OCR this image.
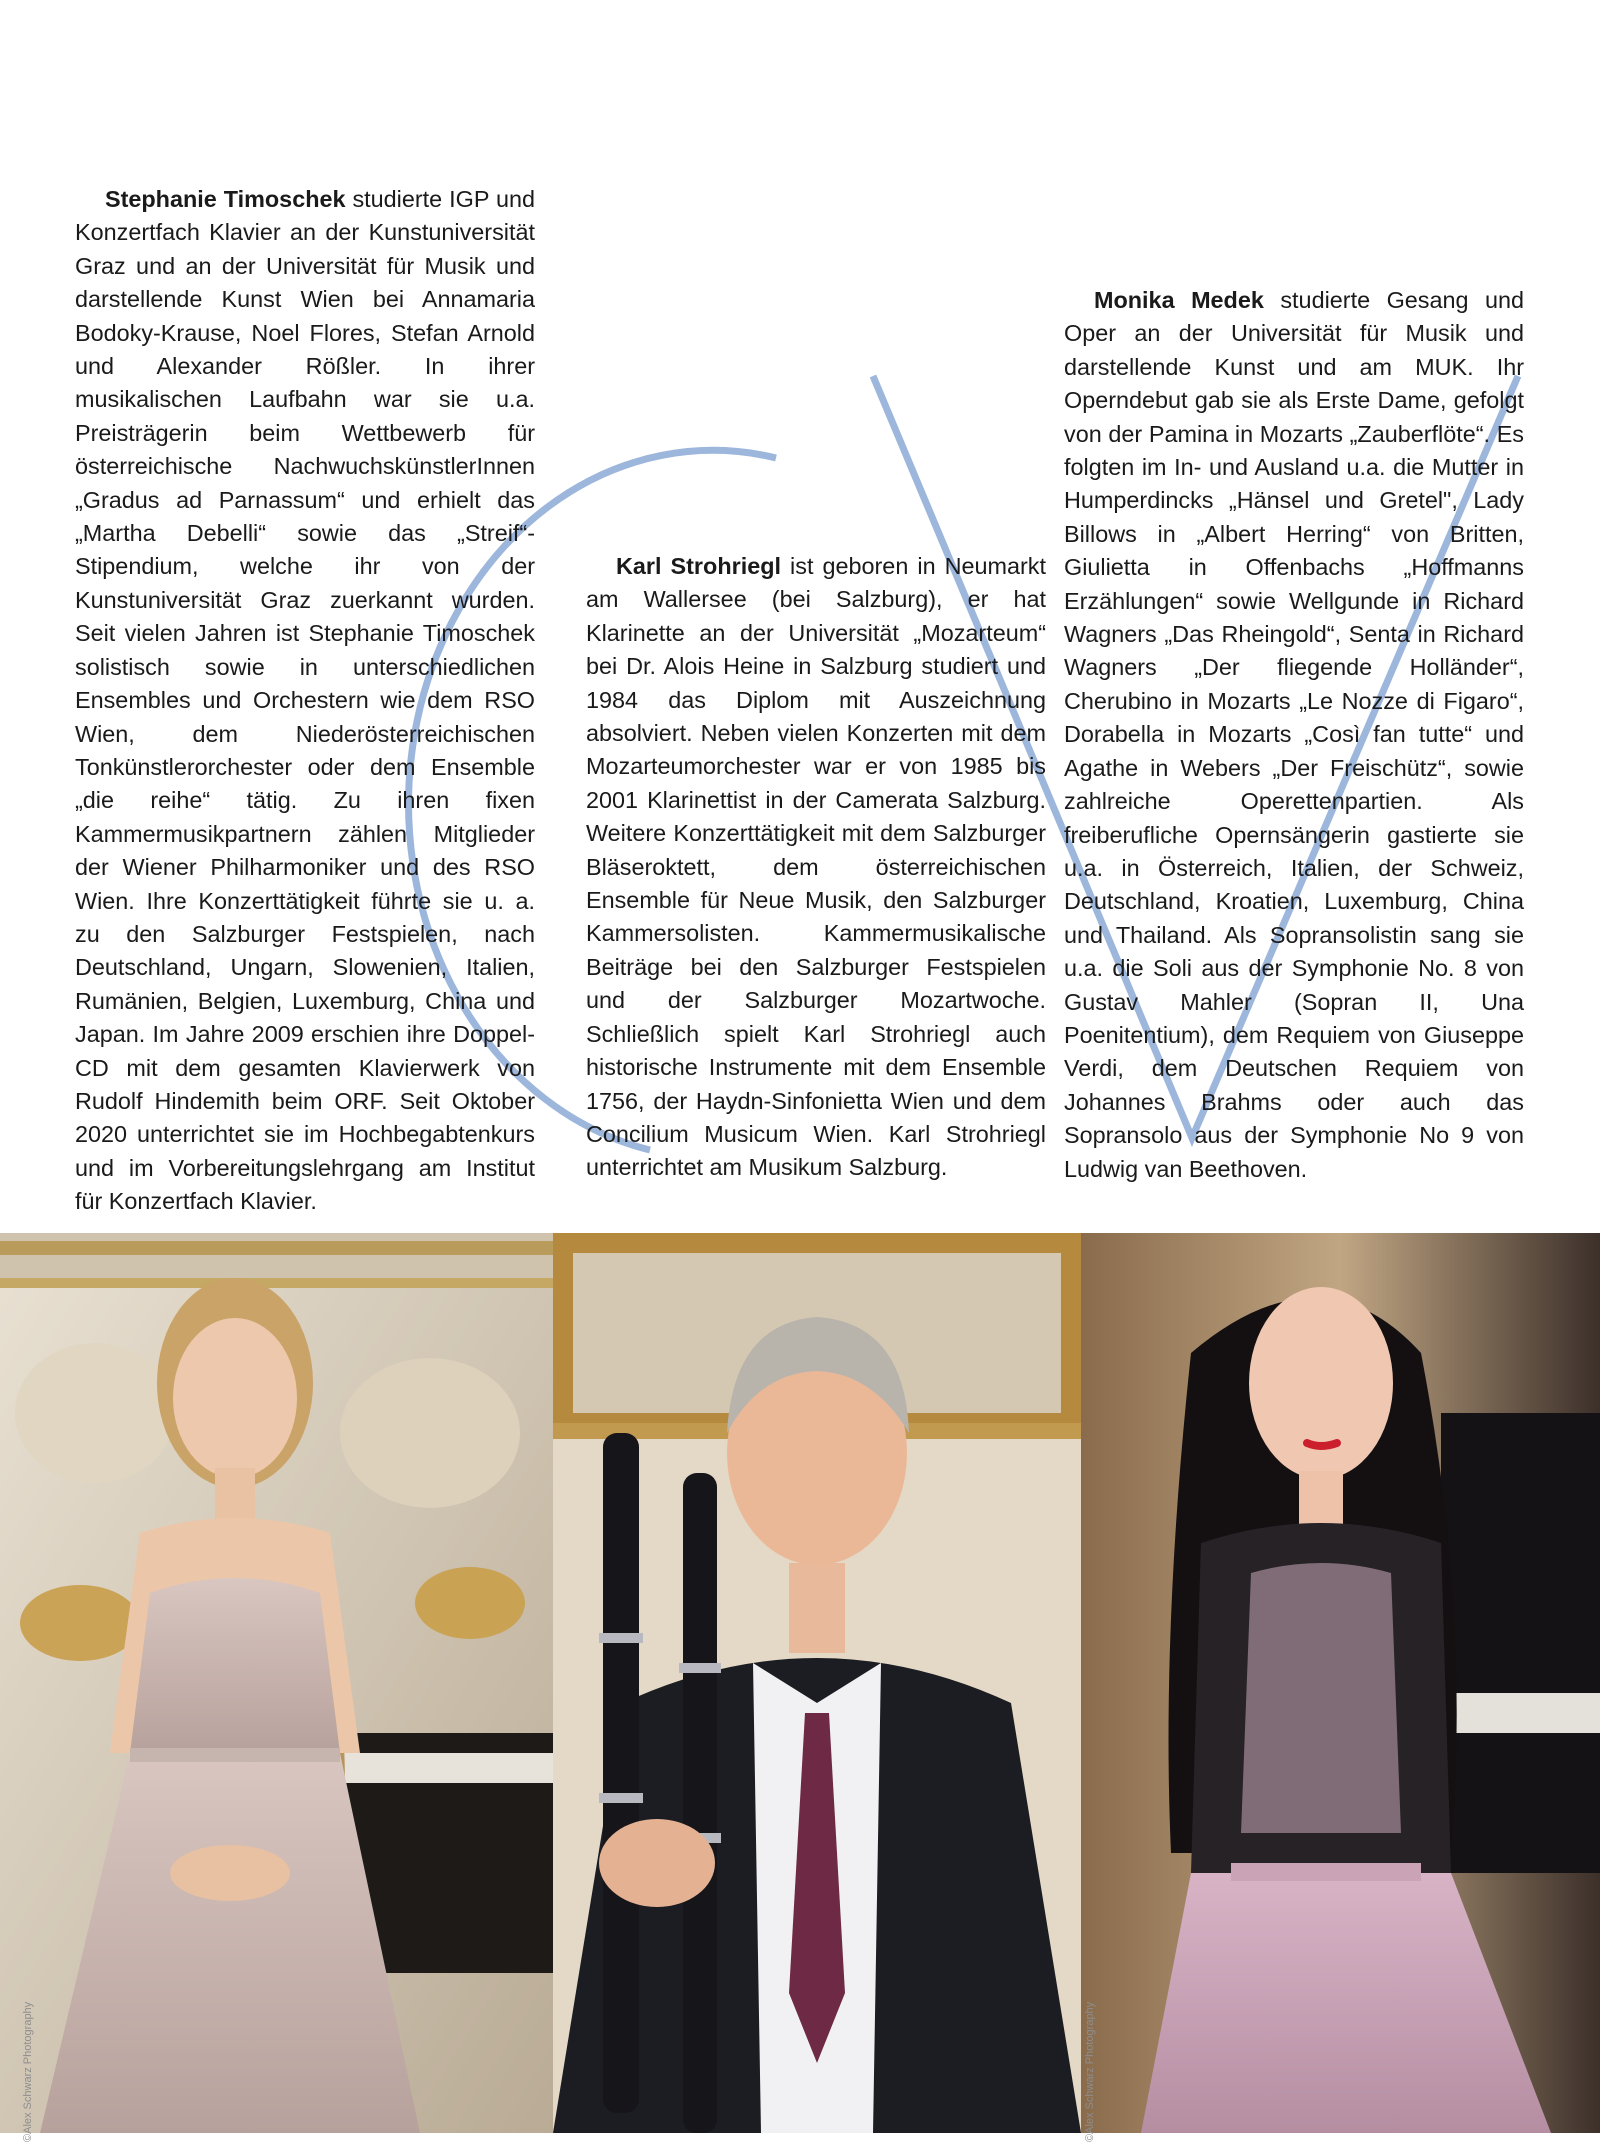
Stephanie Timoschek studierte IGP und Konzertfach Klavier an der Kunstuniversität Graz und an der Universität für Musik und darstellende Kunst Wien bei Annamaria Bodoky-Krause, Noel Flores, Stefan Arnold und Alexander Rößler. In ihrer musikalischen Laufbahn war sie u.a. Preisträgerin beim Wettbewerb für österreichische NachwuchskünstlerInnen „Gradus ad Parnassum“ und erhielt das „Martha Debelli“ sowie das „Streif“-Stipendium, welche ihr von der Kunstuniversität Graz zuerkannt wurden. Seit vielen Jahren ist Stephanie Timoschek solistisch sowie in unterschiedlichen Ensembles und Orchestern wie dem RSO Wien, dem Niederösterreichischen Tonkünstlerorchester oder dem Ensemble „die reihe“ tätig. Zu ihren fixen Kammermusikpartnern zählen Mitglieder der Wiener Philharmoniker und des RSO Wien. Ihre Konzerttätigkeit führte sie u. a. zu den Salzburger Festspielen, nach Deutschland, Ungarn, Slowenien, Italien, Rumänien, Belgien, Luxemburg, China und Japan. Im Jahre 2009 erschien ihre Doppel-CD mit dem gesamten Klavierwerk von Rudolf Hindemith beim ORF. Seit Oktober 2020 unterrichtet sie im Hochbegabtenkurs und im Vorbereitungslehrgang am Institut für Konzertfach Klavier.
Karl Strohriegl ist geboren in Neumarkt am Wallersee (bei Salzburg), er hat Klarinette an der Universität „Mozarteum“ bei Dr. Alois Heine in Salzburg studiert und 1984 das Diplom mit Auszeichnung absolviert. Neben vielen Konzerten mit dem Mozarteumorchester war er von 1985 bis 2001 Klarinettist in der Camerata Salzburg. Weitere Konzerttätigkeit mit dem Salzburger Bläseroktett, dem österreichischen Ensemble für Neue Musik, den Salzburger Kammersolisten. Kammermusikalische Beiträge bei den Salzburger Festspielen und der Salzburger Mozartwoche. Schließlich spielt Karl Strohriegl auch historische Instrumente mit dem Ensemble 1756, der Haydn-Sinfonietta Wien und dem Concilium Musicum Wien. Karl Strohriegl unterrichtet am Musikum Salzburg.
Monika Medek studierte Gesang und Oper an der Universität für Musik und darstellende Kunst und am MUK. Ihr Operndebut gab sie als Erste Dame, gefolgt von der Pamina in Mozarts „Zauberflöte“. Es folgten im In- und Ausland u.a. die Mutter in Humperdincks „Hänsel und Gretel", Lady Billows in „Albert Herring“ von Britten, Giulietta in Offenbachs „Hoffmanns Erzählungen“ sowie Wellgunde in Richard Wagners „Das Rheingold“, Senta in Richard Wagners „Der fliegende Holländer“, Cherubino in Mozarts „Le Nozze di Figaro“, Dorabella in Mozarts „Così fan tutte“ und Agathe in Webers „Der Freischütz“, sowie zahlreiche Operettenpartien. Als freiberufliche Opernsängerin gastierte sie u.a. in Österreich, Italien, der Schweiz, Deutschland, Kroatien, Luxemburg, China und Thailand. Als Sopransolistin sang sie u.a. die Soli aus der Symphonie No. 8 von Gustav Mahler (Sopran II, Una Poenitentium), dem Requiem von Giuseppe Verdi, dem Deutschen Requiem von Johannes Brahms oder auch das Sopransolo aus der Symphonie No 9 von Ludwig van Beethoven.
©Alex Schwarz Photography	©Alex Schwarz Photography
